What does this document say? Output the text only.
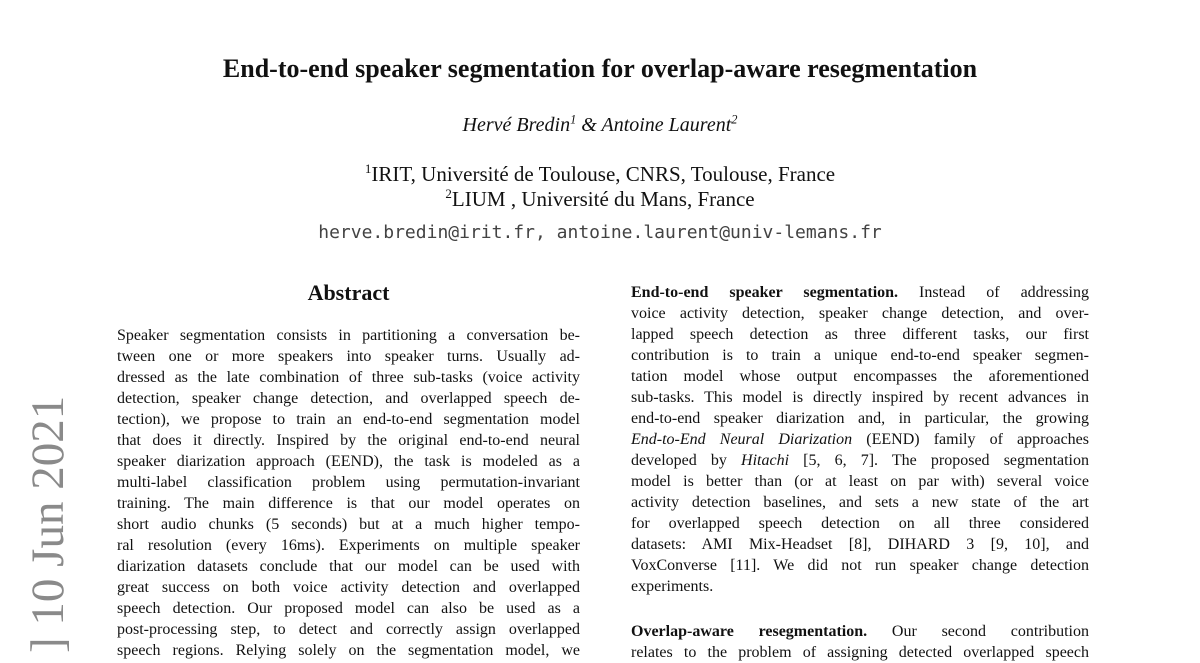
] 10 Jun 2021
End-to-end speaker segmentation for overlap-aware resegmentation
Hervé Bredin$^1$ & Antoine Laurent$^2$
$^1$IRIT, Université de Toulouse, CNRS, Toulouse, France
$^2$LIUM , Université du Mans, France
herve.bredin@irit.fr, antoine.laurent@univ-lemans.fr
Abstract
Speaker segmentation consists in partitioning a conversation be-
tween one or more speakers into speaker turns. Usually ad-
dressed as the late combination of three sub-tasks (voice activity
detection, speaker change detection, and overlapped speech de-
tection), we propose to train an end-to-end segmentation model
that does it directly. Inspired by the original end-to-end neural
speaker diarization approach (EEND), the task is modeled as a
multi-label classification problem using permutation-invariant
training. The main difference is that our model operates on
short audio chunks (5 seconds) but at a much higher tempo-
ral resolution (every 16ms). Experiments on multiple speaker
diarization datasets conclude that our model can be used with
great success on both voice activity detection and overlapped
speech detection. Our proposed model can also be used as a
post-processing step, to detect and correctly assign overlapped
speech regions. Relying solely on the segmentation model, we
End-to-end speaker segmentation. Instead of addressing
voice activity detection, speaker change detection, and over-
lapped speech detection as three different tasks, our first
contribution is to train a unique end-to-end speaker segmen-
tation model whose output encompasses the aforementioned
sub-tasks. This model is directly inspired by recent advances in
end-to-end speaker diarization and, in particular, the growing
End-to-End Neural Diarization (EEND) family of approaches
developed by Hitachi [5, 6, 7]. The proposed segmentation
model is better than (or at least on par with) several voice
activity detection baselines, and sets a new state of the art
for overlapped speech detection on all three considered
datasets: AMI Mix-Headset [8], DIHARD 3 [9, 10], and
VoxConverse [11]. We did not run speaker change detection
experiments.
Overlap-aware resegmentation. Our second contribution
relates to the problem of assigning detected overlapped speech
